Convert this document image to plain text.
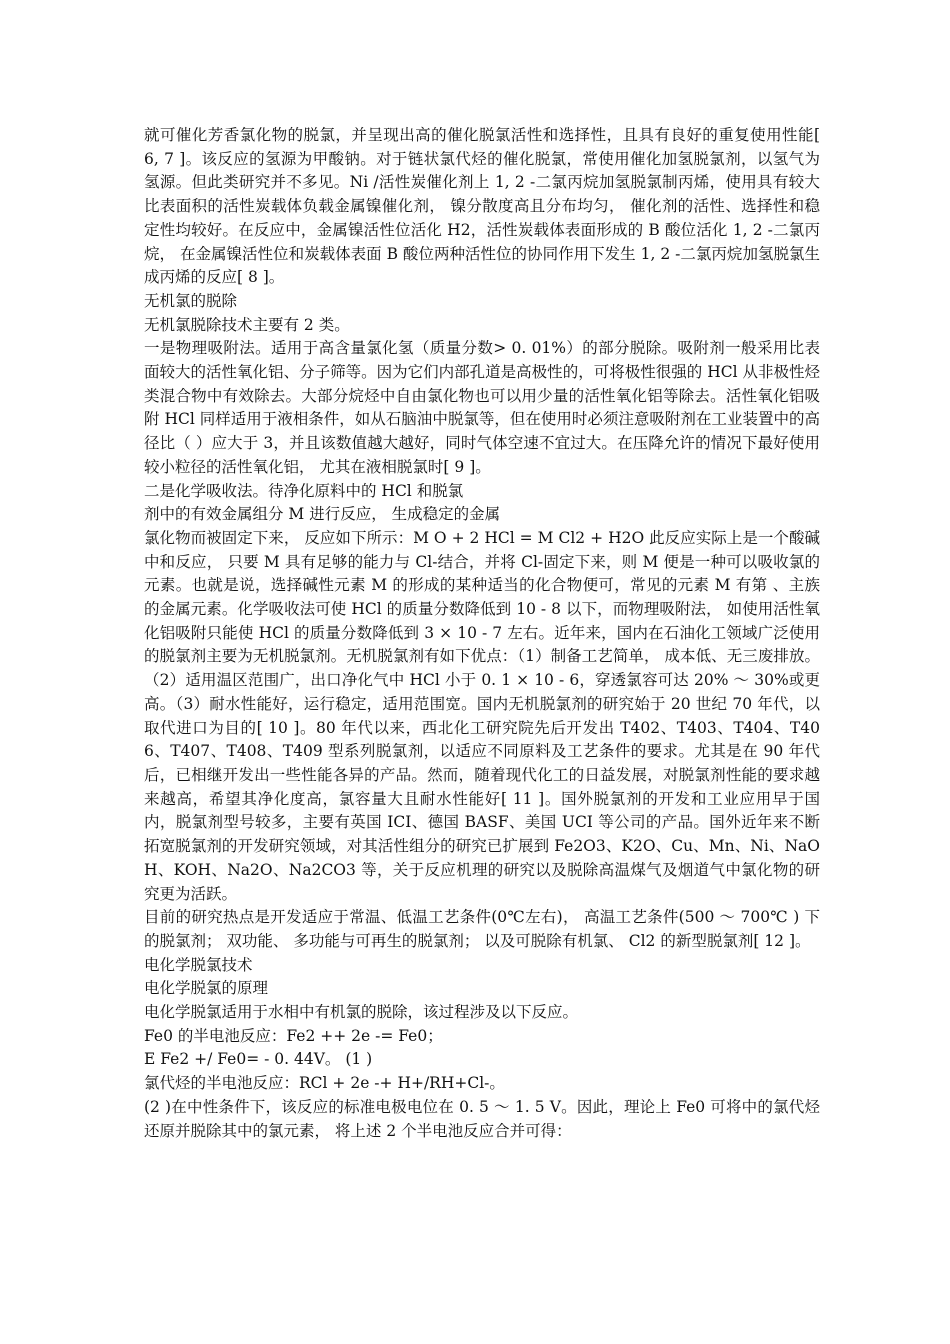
就可催化芳香氯化物的脱氯，并呈现出高的催化脱氯活性和选择性，且具有良好的重复使用性能[ 6, 7 ]。该反应的氢源为甲酸钠。对于链状氯代烃的催化脱氯，常使用催化加氢脱氯剂，以氢气为氢源。但此类研究并不多见。Ni /活性炭催化剂上 1, 2 -二氯丙烷加氢脱氯制丙烯，使用具有较大比表面积的活性炭载体负载金属镍催化剂， 镍分散度高且分布均匀， 催化剂的活性、选择性和稳定性均较好。在反应中，金属镍活性位活化 H2，活性炭载体表面形成的 B 酸位活化 1, 2 -二氯丙烷， 在金属镍活性位和炭载体表面 B 酸位两种活性位的协同作用下发生 1, 2 -二氯丙烷加氢脱氯生成丙烯的反应[ 8 ]。

无机氯的脱除

无机氯脱除技术主要有 2 类。

一是物理吸附法。适用于高含量氯化氢（质量分数> 0. 01%）的部分脱除。吸附剂一般采用比表面较大的活性氧化铝、分子筛等。因为它们内部孔道是高极性的，可将极性很强的 HCl 从非极性烃类混合物中有效除去。大部分烷烃中自由氯化物也可以用少量的活性氧化铝等除去。活性氧化铝吸附 HCl 同样适用于液相条件，如从石脑油中脱氯等，但在使用时必须注意吸附剂在工业装置中的高径比（ ）应大于 3，并且该数值越大越好，同时气体空速不宜过大。在压降允许的情况下最好使用较小粒径的活性氧化铝， 尤其在液相脱氯时[ 9 ]。

二是化学吸收法。待净化原料中的 HCl 和脱氯

剂中的有效金属组分 M 进行反应， 生成稳定的金属

氯化物而被固定下来， 反应如下所示：M O + 2 HCl = M Cl2 + H2O 此反应实际上是一个酸碱中和反应， 只要 M 具有足够的能力与 Cl-结合，并将 Cl-固定下来，则 M 便是一种可以吸收氯的元素。也就是说，选择碱性元素 M 的形成的某种适当的化合物便可，常见的元素 M 有第 、主族的金属元素。化学吸收法可使 HCl 的质量分数降低到 10 - 8 以下，而物理吸附法， 如使用活性氧化铝吸附只能使 HCl 的质量分数降低到 3 × 10 - 7 左右。近年来，国内在石油化工领域广泛使用的脱氯剂主要为无机脱氯剂。无机脱氯剂有如下优点：（1）制备工艺简单， 成本低、无三废排放。（2）适用温区范围广，出口净化气中 HCl 小于 0. 1 × 10 - 6，穿透氯容可达 20% ～ 30%或更高。（3）耐水性能好，运行稳定，适用范围宽。国内无机脱氯剂的研究始于 20 世纪 70 年代，以取代进口为目的[ 10 ]。80 年代以来，西北化工研究院先后开发出 T402、T403、T404、T406、T407、T408、T409 型系列脱氯剂，以适应不同原料及工艺条件的要求。尤其是在 90 年代后，已相继开发出一些性能各异的产品。然而，随着现代化工的日益发展，对脱氯剂性能的要求越来越高，希望其净化度高，氯容量大且耐水性能好[ 11 ]。国外脱氯剂的开发和工业应用早于国内，脱氯剂型号较多，主要有英国 ICI、德国 BASF、美国 UCI 等公司的产品。国外近年来不断拓宽脱氯剂的开发研究领域，对其活性组分的研究已扩展到 Fe2O3、K2O、Cu、Mn、Ni、NaOH、KOH、Na2O、Na2CO3 等，关于反应机理的研究以及脱除高温煤气及烟道气中氯化物的研究更为活跃。

目前的研究热点是开发适应于常温、低温工艺条件(0℃左右)， 高温工艺条件(500 ～ 700℃ ) 下的脱氯剂； 双功能、 多功能与可再生的脱氯剂； 以及可脱除有机氯、 Cl2 的新型脱氯剂[ 12 ]。

电化学脱氯技术

电化学脱氯的原理

电化学脱氯适用于水相中有机氯的脱除，该过程涉及以下反应。

Fe0 的半电池反应：Fe2 ++ 2e -= Fe0；

E Fe2 +/ Fe0= - 0. 44V。 (1 )

氯代烃的半电池反应：RCl + 2e -+ H+/RH+Cl-。

(2 )在中性条件下，该反应的标准电极电位在 0. 5 ～ 1. 5 V。因此，理论上 Fe0 可将中的氯代烃还原并脱除其中的氯元素， 将上述 2 个半电池反应合并可得：
